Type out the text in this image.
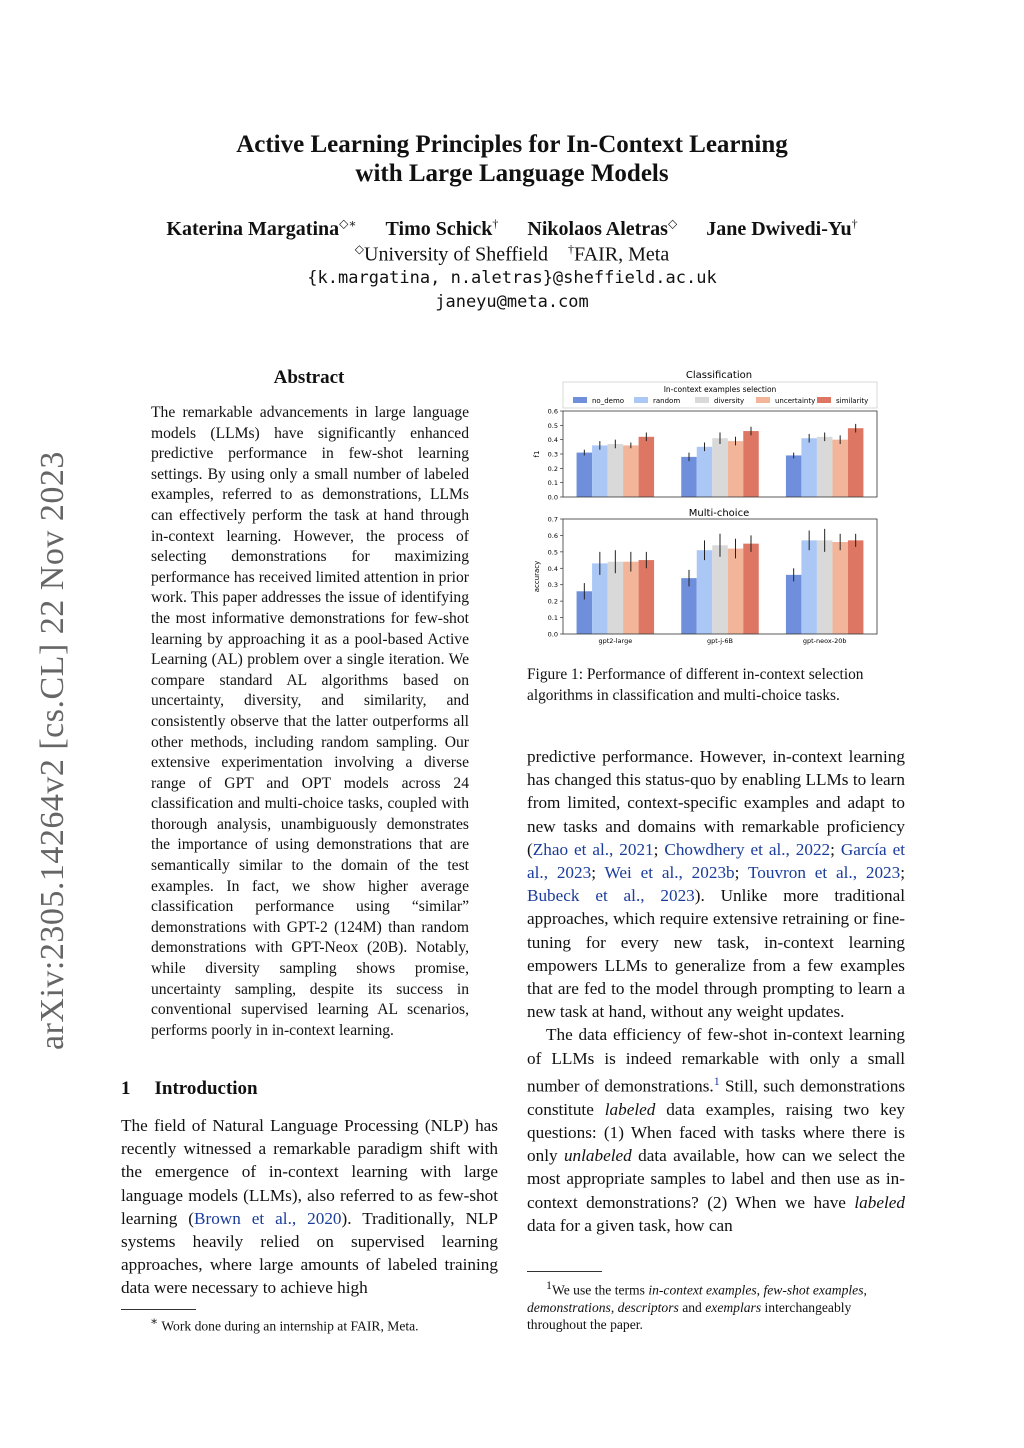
Active Learning Principles for In-Context Learning
with Large Language Models
Katerina Margatina◇∗ Timo Schick† Nikolaos Aletras◇ Jane Dwivedi-Yu†
◇University of Sheffield †FAIR, Meta
{k.margatina, n.aletras}@sheffield.ac.uk
janeyu@meta.com
arXiv:2305.14264v2 [cs.CL] 22 Nov 2023
Abstract
The remarkable advancements in large language models (LLMs) have significantly enhanced predictive performance in few-shot learning settings. By using only a small number of labeled examples, referred to as demonstrations, LLMs can effectively perform the task at hand through in-context learning. However, the process of selecting demonstrations for maximizing performance has received limited attention in prior work. This paper addresses the issue of identifying the most informative demonstrations for few-shot learning by approaching it as a pool-based Active Learning (AL) problem over a single iteration. We compare standard AL algorithms based on uncertainty, diversity, and similarity, and consistently observe that the latter outperforms all other methods, including random sampling. Our extensive experimentation involving a diverse range of GPT and OPT models across 24 classification and multi-choice tasks, coupled with thorough analysis, unambiguously demonstrates the importance of using demonstrations that are semantically similar to the domain of the test examples. In fact, we show higher average classification performance using “similar” demonstrations with GPT-2 (124M) than random demonstrations with GPT-Neox (20B). Notably, while diversity sampling shows promise, uncertainty sampling, despite its success in conventional supervised learning AL scenarios, performs poorly in in-context learning.
1 Introduction
The field of Natural Language Processing (NLP) has recently witnessed a remarkable paradigm shift with the emergence of in-context learning with large language models (LLMs), also referred to as few-shot learning (Brown et al., 2020). Traditionally, NLP systems heavily relied on supervised learning approaches, where large amounts of labeled training data were necessary to achieve high
∗ Work done during an internship at FAIR, Meta.
Classification
Multi-choice
In-context examples selection
no_demo	random	diversity	uncertainty	similarity
0.0
0.1
0.2
0.3
0.4
0.5
0.6
f1
0.0
0.1
0.2
0.3
0.4
0.5
0.6
0.7
accuracy
gpt2-large	gpt-j-6B	gpt-neox-20b
Figure 1: Performance of different in-context selection algorithms in classification and multi-choice tasks.

predictive performance. However, in-context learning has changed this status-quo by enabling LLMs to learn from limited, context-specific examples and adapt to new tasks and domains with remarkable proficiency (Zhao et al., 2021; Chowdhery et al., 2022; García et al., 2023; Wei et al., 2023b; Touvron et al., 2023; Bubeck et al., 2023). Unlike more traditional approaches, which require extensive retraining or fine-tuning for every new task, in-context learning empowers LLMs to generalize from a few examples that are fed to the model through prompting to learn a new task at hand, without any weight updates.

The data efficiency of few-shot in-context learning of LLMs is indeed remarkable with only a small number of demonstrations.$^1$ Still, such demonstrations constitute labeled data examples, raising two key questions: (1) When faced with tasks where there is only unlabeled data available, how can we select the most appropriate samples to label and then use as in-context demonstrations? (2) When we have labeled data for a given task, how can

$^1$We use the terms in-context examples, few-shot examples, demonstrations, descriptors and exemplars interchangeably throughout the paper.
